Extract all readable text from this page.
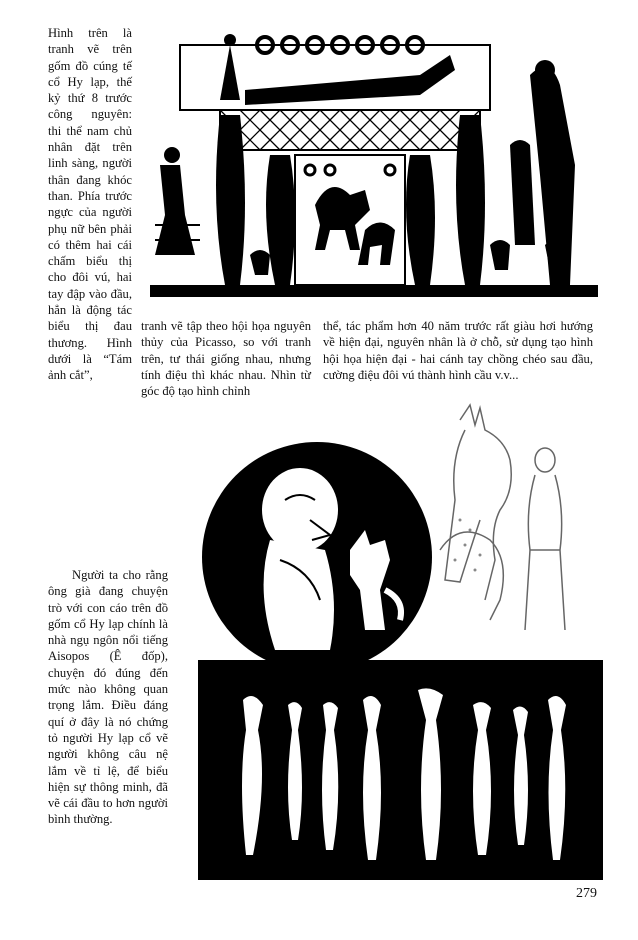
Hình trên là tranh vẽ trên gốm đồ cúng tế cổ Hy lạp, thế kỷ thứ 8 trước công nguyên: thi thể nam chủ nhân đặt trên linh sàng, người thân đang khóc than. Phía trước ngực của người phụ nữ bên phải có thêm hai cái chấm biểu thị cho đôi vú, hai tay đập vào đầu, hẳn là động tác biểu thị đau thương. Hình dưới là “Tám ảnh cắt”,

tranh vẽ tập theo hội họa nguyên thủy của Picasso, so với tranh trên, tư thái giống nhau, nhưng tính điệu thì khác nhau. Nhìn từ góc độ tạo hình chỉnh

thể, tác phẩm hơn 40 năm trước rất giàu hơi hướng về hiện đại, nguyên nhân là ở chỗ, sử dụng tạo hình hội họa hiện đại - hai cánh tay chồng chéo sau đầu, cường điệu đôi vú thành hình cầu v.v...

Người ta cho rằng ông già đang chuyện trò với con cáo trên đồ gốm cổ Hy lạp chính là nhà ngụ ngôn nổi tiếng Aisopos (Ê đốp), chuyện đó đúng đến mức nào không quan trọng lắm. Điều đáng quí ở đây là nó chứng tỏ người Hy lạp cổ vẽ người không câu nệ lắm về tỉ lệ, để biểu hiện sự thông minh, đã vẽ cái đầu to hơn người bình thường.

279
